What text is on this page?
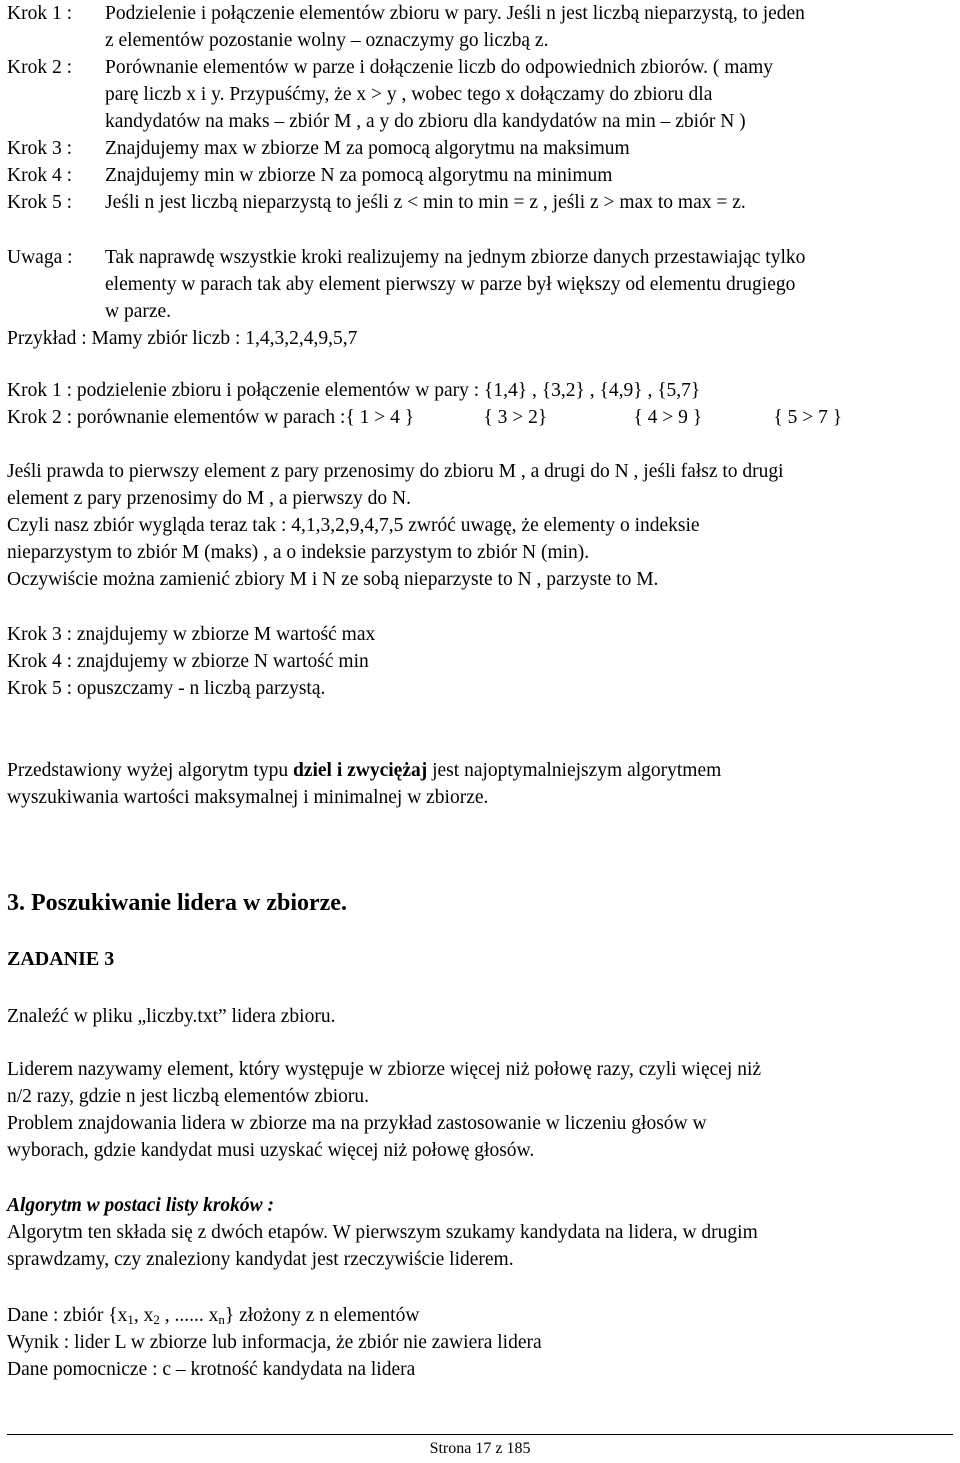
Krok 1 : Podzielenie i połączenie elementów zbioru w pary. Jeśli n jest liczbą nieparzystą, to jeden
z elementów pozostanie wolny – oznaczymy go liczbą z.
Krok 2 : Porównanie elementów w parze i dołączenie liczb do odpowiednich zbiorów. ( mamy
parę liczb x i y. Przypuśćmy, że x > y , wobec tego x dołączamy do zbioru dla
kandydatów na maks – zbiór M , a y do zbioru dla kandydatów na min – zbiór N )
Krok 3 : Znajdujemy max w zbiorze M za pomocą algorytmu na maksimum
Krok 4 : Znajdujemy min w zbiorze N za pomocą algorytmu na minimum
Krok 5 : Jeśli n jest liczbą nieparzystą to jeśli z < min to min = z , jeśli z > max to max = z.
Uwaga : Tak naprawdę wszystkie kroki realizujemy na jednym zbiorze danych przestawiając tylko
elementy w parach tak aby element pierwszy w parze był większy od elementu drugiego
w parze.
Przykład : Mamy zbiór liczb : 1,4,3,2,4,9,5,7
Krok 1 : podzielenie zbioru i połączenie elementów w pary : {1,4} , {3,2} , {4,9} , {5,7}
Krok 2 : porównanie elementów w parach :{ 1 > 4 }	{ 3 > 2}	{ 4 > 9 }	{ 5 > 7 }
Jeśli prawda to pierwszy element z pary przenosimy do zbioru M , a drugi do N , jeśli fałsz to drugi
element z pary przenosimy do M , a pierwszy do N.
Czyli nasz zbiór wygląda teraz tak : 4,1,3,2,9,4,7,5 zwróć uwagę, że elementy o indeksie
nieparzystym to zbiór M (maks) , a o indeksie parzystym to zbiór N (min).
Oczywiście można zamienić zbiory M i N ze sobą nieparzyste to N , parzyste to M.
Krok 3 : znajdujemy w zbiorze M wartość max
Krok 4 : znajdujemy w zbiorze N wartość min
Krok 5 : opuszczamy - n liczbą parzystą.
Przedstawiony wyżej algorytm typu dziel i zwyciężaj jest najoptymalniejszym algorytmem
wyszukiwania wartości maksymalnej i minimalnej w zbiorze.
3. Poszukiwanie lidera w zbiorze.
ZADANIE 3
Znaleźć w pliku „liczby.txt” lidera zbioru.
Liderem nazywamy element, który występuje w zbiorze więcej niż połowę razy, czyli więcej niż
n/2 razy, gdzie n jest liczbą elementów zbioru.
Problem znajdowania lidera w zbiorze ma na przykład zastosowanie w liczeniu głosów w
wyborach, gdzie kandydat musi uzyskać więcej niż połowę głosów.
Algorytm w postaci listy kroków :
Algorytm ten składa się z dwóch etapów. W pierwszym szukamy kandydata na lidera, w drugim
sprawdzamy, czy znaleziony kandydat jest rzeczywiście liderem.
Dane : zbiór {$x_1$, $x_2$ , ...... $x_n$} złożony z n elementów
Wynik : lider L w zbiorze lub informacja, że zbiór nie zawiera lidera
Dane pomocnicze : c – krotność kandydata na lidera
Strona 17 z 185
